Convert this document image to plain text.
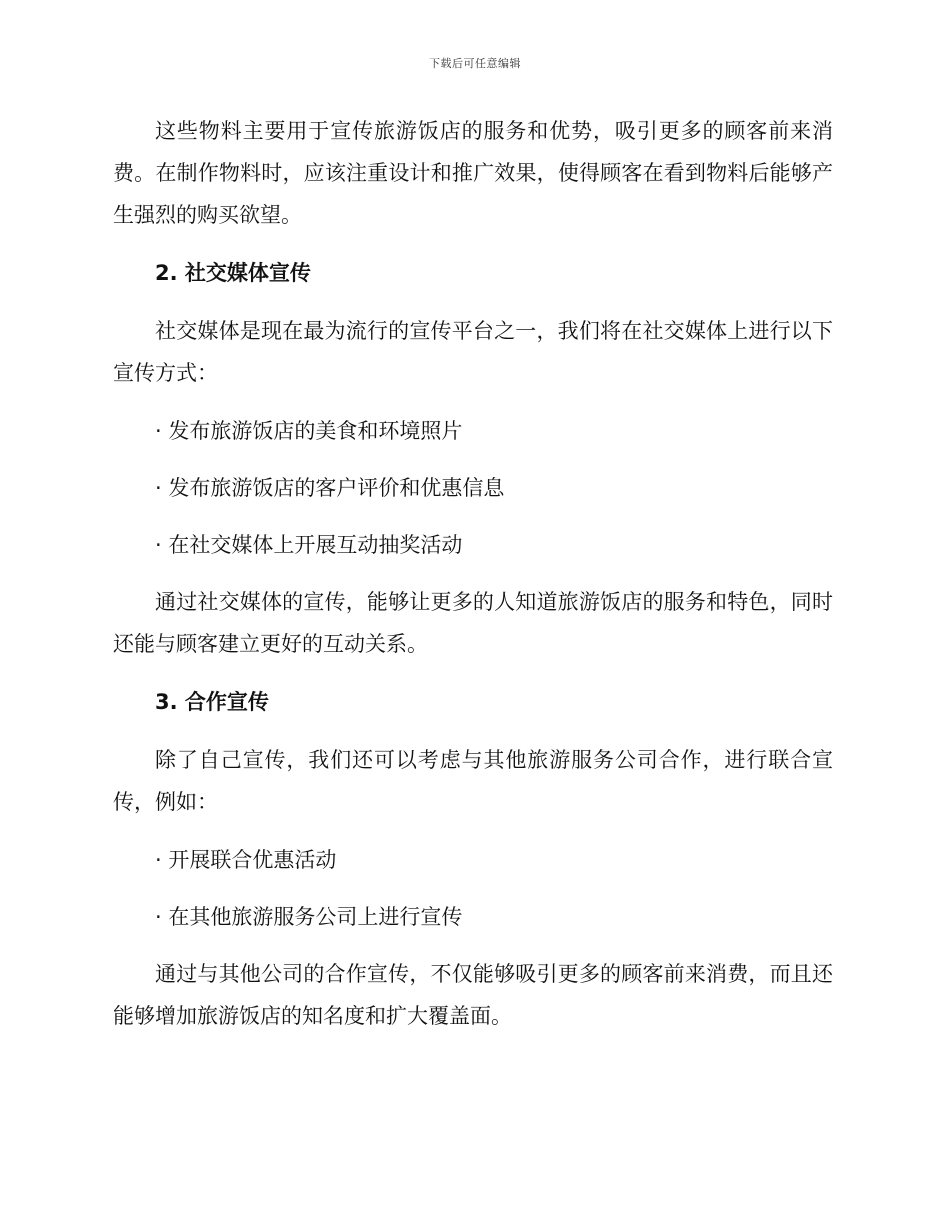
下载后可任意编辑

这些物料主要用于宣传旅游饭店的服务和优势，吸引更多的顾客前来消费。在制作物料时，应该注重设计和推广效果，使得顾客在看到物料后能够产生强烈的购买欲望。

2. 社交媒体宣传

社交媒体是现在最为流行的宣传平台之一，我们将在社交媒体上进行以下宣传方式：

· 发布旅游饭店的美食和环境照片
· 发布旅游饭店的客户评价和优惠信息
· 在社交媒体上开展互动抽奖活动

通过社交媒体的宣传，能够让更多的人知道旅游饭店的服务和特色，同时还能与顾客建立更好的互动关系。

3. 合作宣传

除了自己宣传，我们还可以考虑与其他旅游服务公司合作，进行联合宣传，例如：

· 开展联合优惠活动
· 在其他旅游服务公司上进行宣传

通过与其他公司的合作宣传，不仅能够吸引更多的顾客前来消费，而且还能够增加旅游饭店的知名度和扩大覆盖面。
